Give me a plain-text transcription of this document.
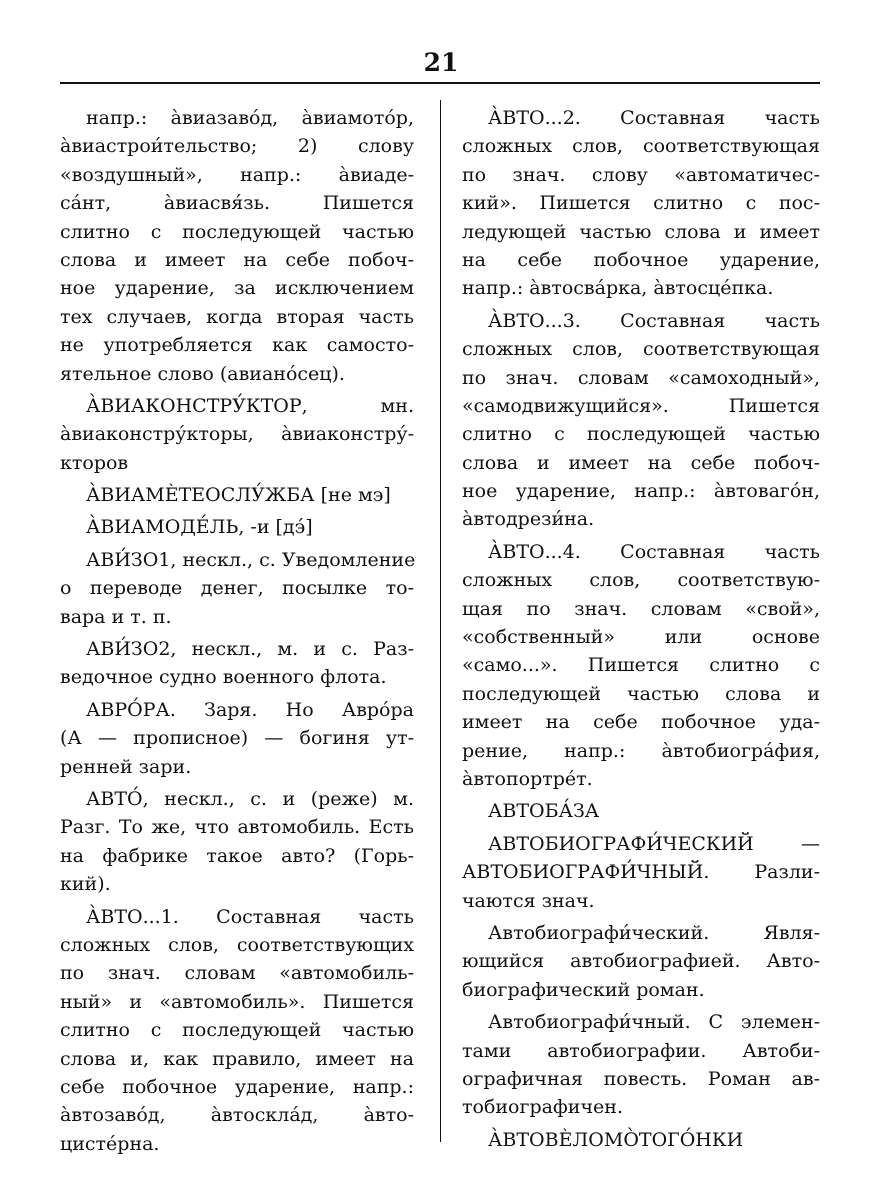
21
напр.: а̀виазаво́д, а̀виамото́р,
а̀виастрои́тельство; 2) слову
«воздушный», напр.: а̀виаде-
са́нт, а̀виасвя́зь. Пишется
слитно с последующей частью
слова и имеет на себе побоч-
ное ударение, за исключением
тех случаев, когда вторая часть
не употребляется как самосто-
ятельное слово (авиано́сец).
А̀ВИАКОНСТРУ́КТОР, мн.
а̀виаконстру́кторы, а̀виаконстру́-
кторов
А̀ВИАМЀТЕОСЛУ́ЖБА [не мэ]
А̀ВИАМОДЕ́ЛЬ, -и [дэ́]
АВИ́ЗО1, нескл., с. Уведомление
о переводе денег, посылке то-
вара и т. п.
АВИ́ЗО2, нескл., м. и с. Раз-
ведочное судно военного флота.
АВРО́РА. Заря. Но Авро́ра
(А — прописное) — богиня ут-
ренней зари.
АВТО́, нескл., с. и (реже) м.
Разг. То же, что автомобиль. Есть
на фабрике такое авто? (Горь-
кий).
А̀ВТО...1. Составная часть
сложных слов, соответствующих
по знач. словам «автомобиль-
ный» и «автомобиль». Пишется
слитно с последующей частью
слова и, как правило, имеет на
себе побочное ударение, напр.:
а̀втозаво́д, а̀втоскла́д, а̀вто-
цисте́рна.
А̀ВТО...2. Составная часть
сложных слов, соответствующая
по знач. слову «автоматичес-
кий». Пишется слитно с пос-
ледующей частью слова и имеет
на себе побочное ударение,
напр.: а̀втосва́рка, а̀втосце́пка.
А̀ВТО...3. Составная часть
сложных слов, соответствующая
по знач. словам «самоходный»,
«самодвижущийся». Пишется
слитно с последующей частью
слова и имеет на себе побоч-
ное ударение, напр.: а̀втоваго́н,
а̀втодрези́на.
А̀ВТО...4. Составная часть
сложных слов, соответствую-
щая по знач. словам «свой»,
«собственный» или основе
«само...». Пишется слитно с
последующей частью слова и
имеет на себе побочное уда-
рение, напр.: а̀втобиогра́фия,
а̀втопортре́т.
АВТОБА́ЗА
АВТОБИОГРАФИ́ЧЕСКИЙ —
АВТОБИОГРАФИ́ЧНЫЙ. Разли-
чаются знач.
Автобиографи́ческий. Явля-
ющийся автобиографией. Авто-
биографический роман.
Автобиографи́чный. С элемен-
тами автобиографии. Автоби-
ографичная повесть. Роман ав-
тобиографичен.
А̀ВТОВЀЛОМО̀ТОГО́НКИ
